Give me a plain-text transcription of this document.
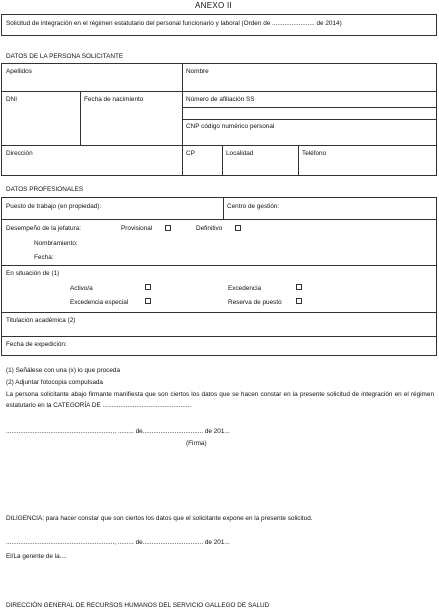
ANEXO II
Solicitud de integración en el régimen estatutario del personal funcionario y laboral (Orden de ........................ de 2014)
DATOS DE LA PERSONA SOLICITANTE
Apellidos	Nombre
DNI	Fecha de nacimiento	Número de afiliación SS
CNP código numérico personal
Dirección	CP	Localidad	Teléfono
DATOS PROFESIONALES
Puesto de trabajo (en propiedad):	Centro de gestión:
Desempeño de la jefatura:	Provisional	Definitivo
Nombramiento:
Fecha:
En situación de (1)
Activo/a	Excedencia
Excedencia especial	Reserva de puesto
Titulación académica (2)
Fecha de expedición:
(1) Señálese con una (x) lo que proceda
(2) Adjuntar fotocopia compulsada
La persona solicitante abajo firmante manifiesta que son ciertos los datos que se hacen constar en la presente solicitud de integración en el régimen estatutario en la CATEGORÍA DE ..................................................
............................................................., ......... de.................................. de 201...
(Firma)
DILIGENCIA: para hacer constar que son ciertos los datos que el solicitante expone en la presente solicitud.
............................................................., ......... de.................................. de 201...
El/La gerente de la....
DIRECCIÓN GENERAL DE RECURSOS HUMANOS DEL SERVICIO GALLEGO DE SALUD
